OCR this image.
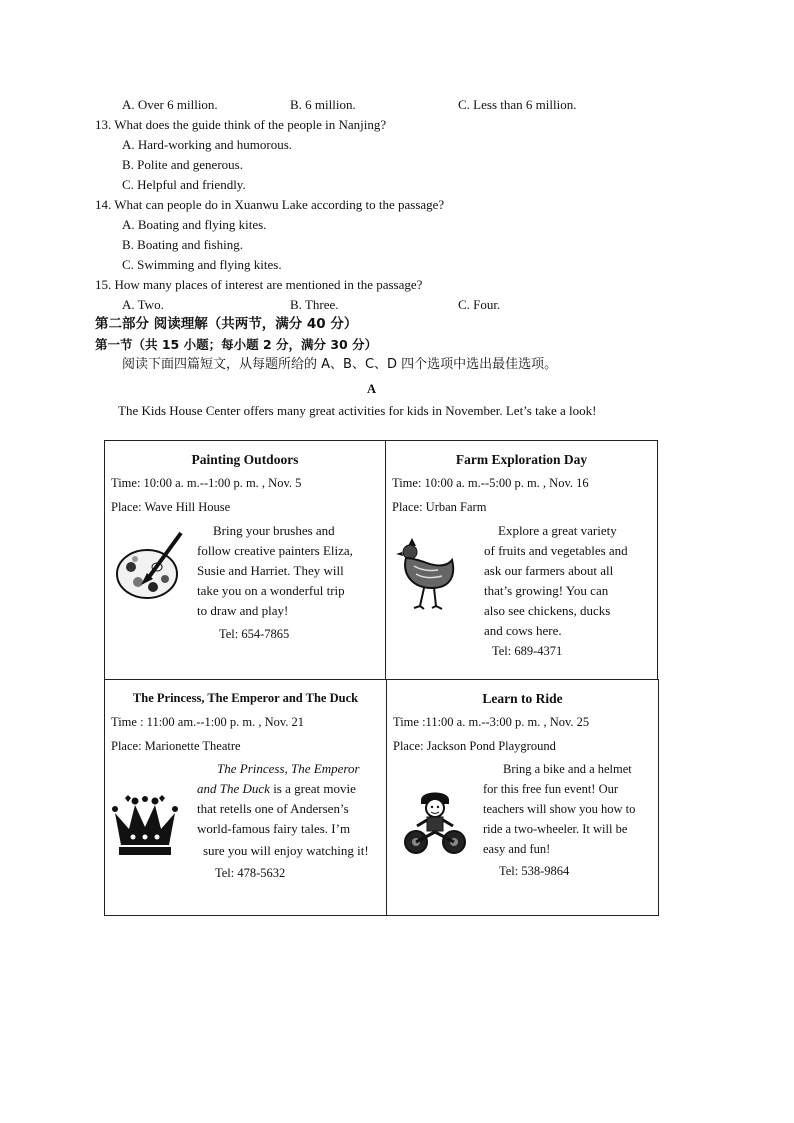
A. Over 6 million.	B. 6 million.	C. Less than 6 million.
13. What does the guide think of the people in Nanjing?
A. Hard-working and humorous.
B. Polite and generous.
C. Helpful and friendly.
14. What can people do in Xuanwu Lake according to the passage?
A. Boating and flying kites.
B. Boating and fishing.
C. Swimming and flying kites.
15. How many places of interest are mentioned in the passage?
A. Two.	B. Three.	C. Four.
第二部分 阅读理解（共两节，满分 40 分）
第一节（共 15 小题；每小题 2 分，满分 30 分）
阅读下面四篇短文，从每题所给的 A、B、C、D 四个选项中选出最佳选项。
A
The Kids House Center offers many great activities for kids in November. Let’s take a look!
Painting Outdoors
Time: 10:00 a. m.--1:00 p. m. , Nov. 5
Place: Wave Hill House
Bring your brushes and
follow creative painters Eliza,
Susie and Harriet. They will
take you on a wonderful trip
to draw and play!
Tel: 654-7865
Farm Exploration Day
Time: 10:00 a. m.--5:00 p. m. , Nov. 16
Place: Urban Farm
Explore a great variety
of fruits and vegetables and
ask our farmers about all
that’s growing! You can
also see chickens, ducks
and cows here.
Tel: 689-4371
The Princess, The Emperor and The Duck
Time : 11:00 am.--1:00 p. m. , Nov. 21
Place: Marionette Theatre
The Princess, The Emperor
and The Duck is a great movie
that retells one of Andersen’s
world-famous fairy tales. I’m
sure you will enjoy watching it!
Tel: 478-5632
Learn to Ride
Time :11:00 a. m.--3:00 p. m. , Nov. 25
Place: Jackson Pond Playground
Bring a bike and a helmet
for this free fun event! Our
teachers will show you how to
ride a two-wheeler. It will be
easy and fun!
Tel: 538-9864
